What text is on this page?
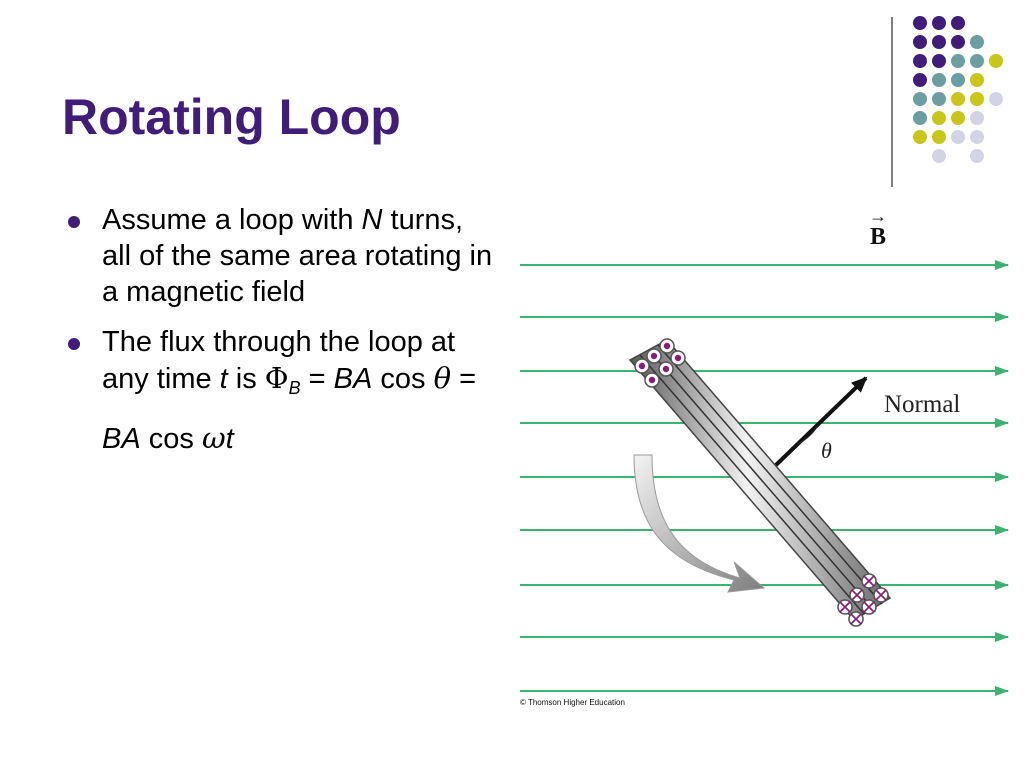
Rotating Loop
Assume a loop with N turns, all of the same area rotating in a magnetic field
The flux through the loop at any time t is $\Phi_B$ = BA cos θ =
BA cos ωt
B
→
Normal
θ
© Thomson Higher Education
